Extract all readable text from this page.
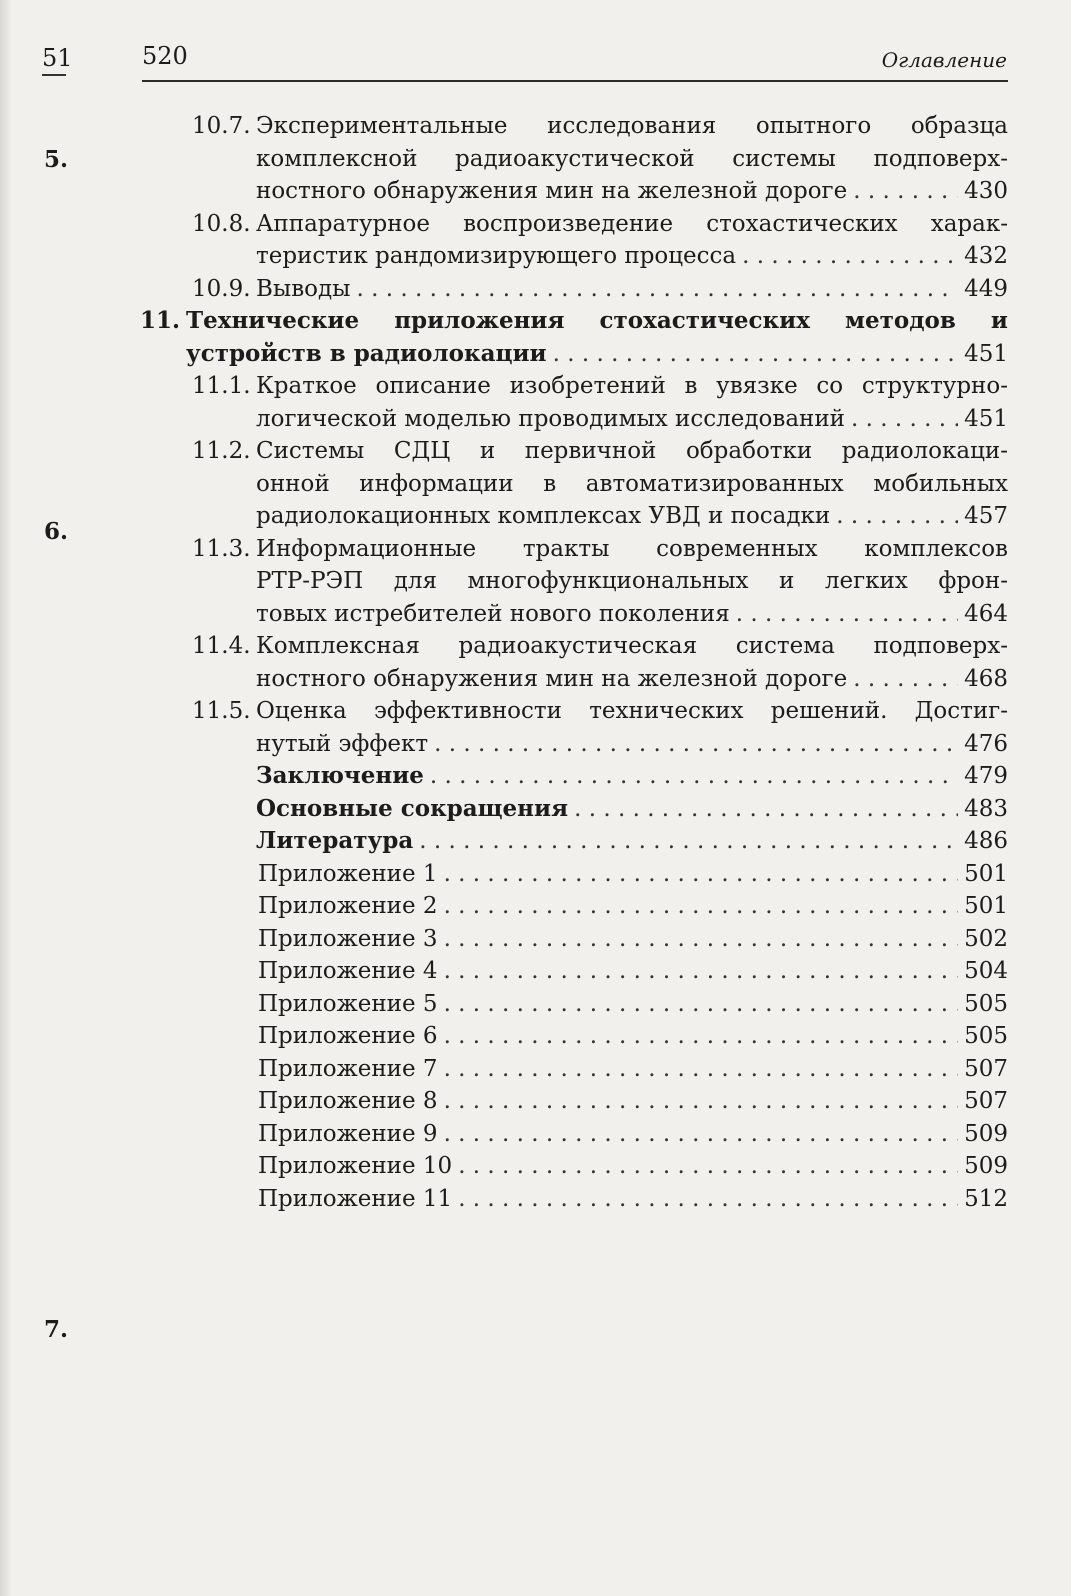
51	520	Оглавление
5.
6.
7.
10.7. Экспериментальные исследования опытного образца
комплексной радиоакустической системы подповерх-
ностного обнаружения мин на железной дороге . . .	430
10.8. Аппаратурное воспроизведение стохастических харак-
теристик рандомизирующего процесса . . .	432
10.9. Выводы . . .	449
11. Технические приложения стохастических методов и
устройств в радиолокации . . .	451
11.1. Краткое описание изобретений в увязке со структурно-
логической моделью проводимых исследований . . .	451
11.2. Системы СДЦ и первичной обработки радиолокаци-
онной информации в автоматизированных мобильных
радиолокационных комплексах УВД и посадки . . .	457
11.3. Информационные тракты современных комплексов
РТР-РЭП для многофункциональных и легких фрон-
товых истребителей нового поколения . . .	464
11.4. Комплексная радиоакустическая система подповерх-
ностного обнаружения мин на железной дороге . . .	468
11.5. Оценка эффективности технических решений. Достиг-
нутый эффект . . .	476
Заключение . . .	479
Основные сокращения . . .	483
Литература . . .	486
Приложение 1 . . .	501
Приложение 2 . . .	501
Приложение 3 . . .	502
Приложение 4 . . .	504
Приложение 5 . . .	505
Приложение 6 . . .	505
Приложение 7 . . .	507
Приложение 8 . . .	507
Приложение 9 . . .	509
Приложение 10 . . .	509
Приложение 11 . . .	512
